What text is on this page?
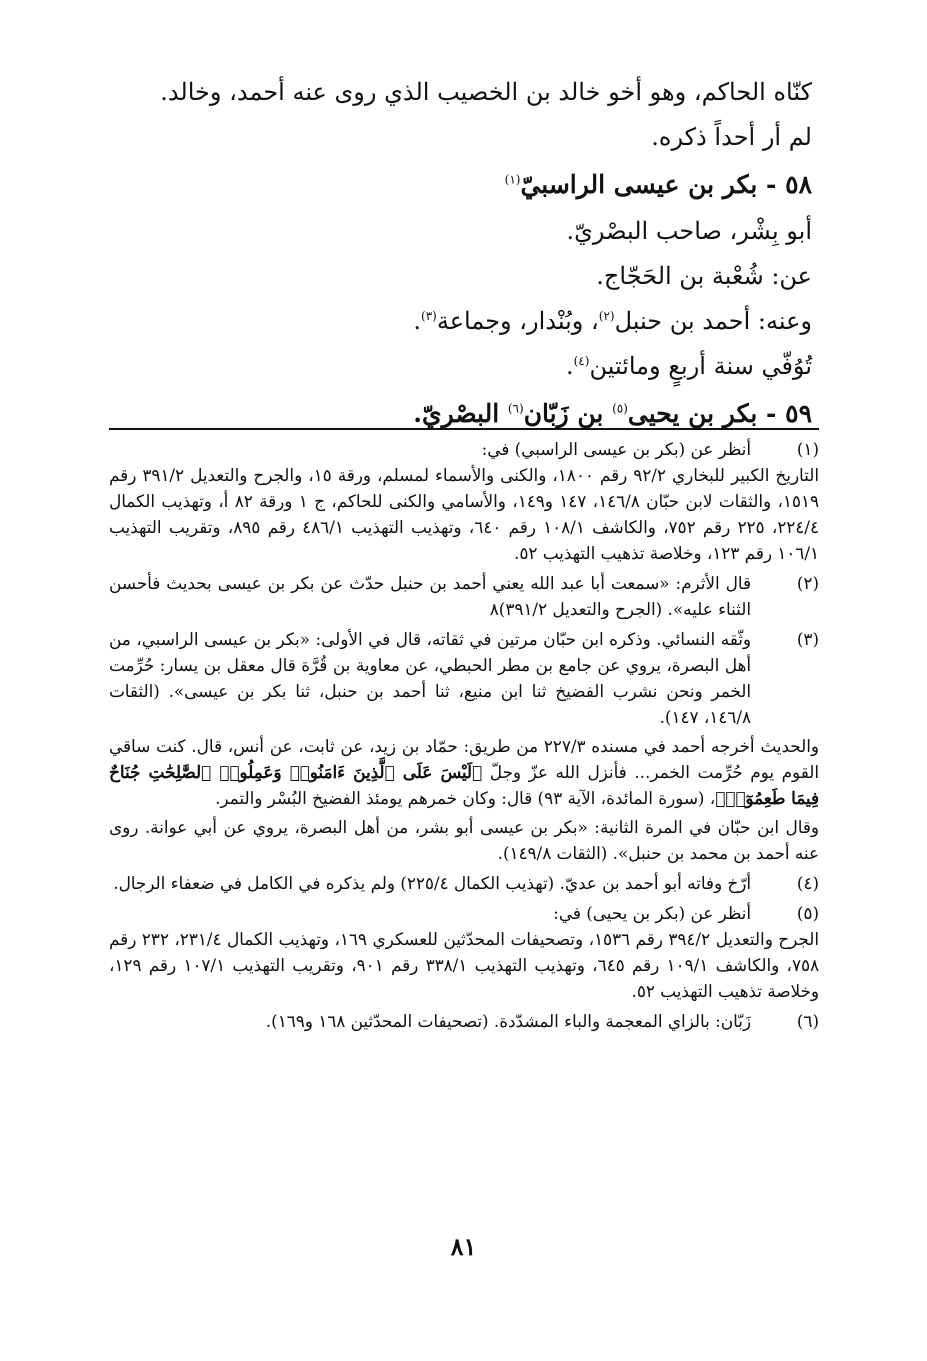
كنّاه الحاكم، وهو أخو خالد بن الخصيب الذي روى عنه أحمد، وخالد.

لم أر أحداً ذكره.

٥٨ - بكر بن عيسى الراسبيّ$^{(١)}$

أبو بِشْر، صاحب البصْريّ.

عن: شُعْبة بن الحَجّاج.

وعنه: أحمد بن حنبل$^{(٢)}$، وبُنْدار، وجماعة$^{(٣)}$.

تُوُفّي سنة أربعٍ ومائتين$^{(٤)}$.

٥٩ - بكر بن يحيى$^{(٥)}$ بن زَبّان$^{(٦)}$ البصْريّ.

(١)

أنظر عن (بكر بن عيسى الراسبي) في:

التاريخ الكبير للبخاري ٩٢/٢ رقم ١٨٠٠، والكنى والأسماء لمسلم، ورقة ١٥، والجرح والتعديل ٣٩١/٢ رقم ١٥١٩، والثقات لابن حبّان ١٤٦/٨، ١٤٧ و١٤٩، والأسامي والكنى للحاكم، ج ١ ورقة ٨٢ أ، وتهذيب الكمال ٢٢٤/٤، ٢٢٥ رقم ٧٥٢، والكاشف ١٠٨/١ رقم ٦٤٠، وتهذيب التهذيب ٤٨٦/١ رقم ٨٩٥، وتقريب التهذيب ١٠٦/١ رقم ١٢٣، وخلاصة تذهيب التهذيب ٥٢.

(٢)

قال الأثرم: «سمعت أبا عبد الله يعني أحمد بن حنبل حدّث عن بكر بن عيسى بحديث فأحسن الثناء عليه». (الجرح والتعديل ٣٩١/٢)٨

(٣)

وثّقه النسائي. وذكره ابن حبّان مرتين في ثقاته، قال في الأولى: «بكر بن عيسى الراسبي، من أهل البصرة، يروي عن جامع بن مطر الحبطي، عن معاوية بن قُرَّة قال معقل بن يسار: حُرِّمت الخمر ونحن نشرب الفضيخ ثنا ابن منيع، ثنا أحمد بن حنبل، ثنا بكر بن عيسى». (الثقات ١٤٦/٨، ١٤٧).

والحديث أخرجه أحمد في مسنده ٢٢٧/٣ من طريق: حمّاد بن زيد، عن ثابت، عن أنس، قال. كنت ساقي القوم يوم حُرِّمت الخمر... فأنزل الله عزّ وجلّ ﴿لَيْسَ عَلَى ٱلَّذِينَ ءَامَنُوا۟ وَعَمِلُوا۟ ٱلصَّٰلِحَٰتِ جُنَاحٌ فِيمَا طَعِمُوٓا۟﴾، (سورة المائدة، الآية ٩٣) قال: وكان خمرهم يومئذ الفضيخ البُسْر والتمر.

وقال ابن حبّان في المرة الثانية: «بكر بن عيسى أبو بشر، من أهل البصرة، يروي عن أبي عوانة. روى عنه أحمد بن محمد بن حنبل». (الثقات ١٤٩/٨).

(٤)

أرّخ وفاته أبو أحمد بن عديّ. (تهذيب الكمال ٢٢٥/٤) ولم يذكره في الكامل في ضعفاء الرجال.

(٥)

أنظر عن (بكر بن يحيى) في:

الجرح والتعديل ٣٩٤/٢ رقم ١٥٣٦، وتصحيفات المحدّثين للعسكري ١٦٩، وتهذيب الكمال ٢٣١/٤، ٢٣٢ رقم ٧٥٨، والكاشف ١٠٩/١ رقم ٦٤٥، وتهذيب التهذيب ٣٣٨/١ رقم ٩٠١، وتقريب التهذيب ١٠٧/١ رقم ١٢٩، وخلاصة تذهيب التهذيب ٥٢.

(٦)

زَبّان: بالزاي المعجمة والباء المشدّدة. (تصحيفات المحدّثين ١٦٨ و١٦٩).

٨١
